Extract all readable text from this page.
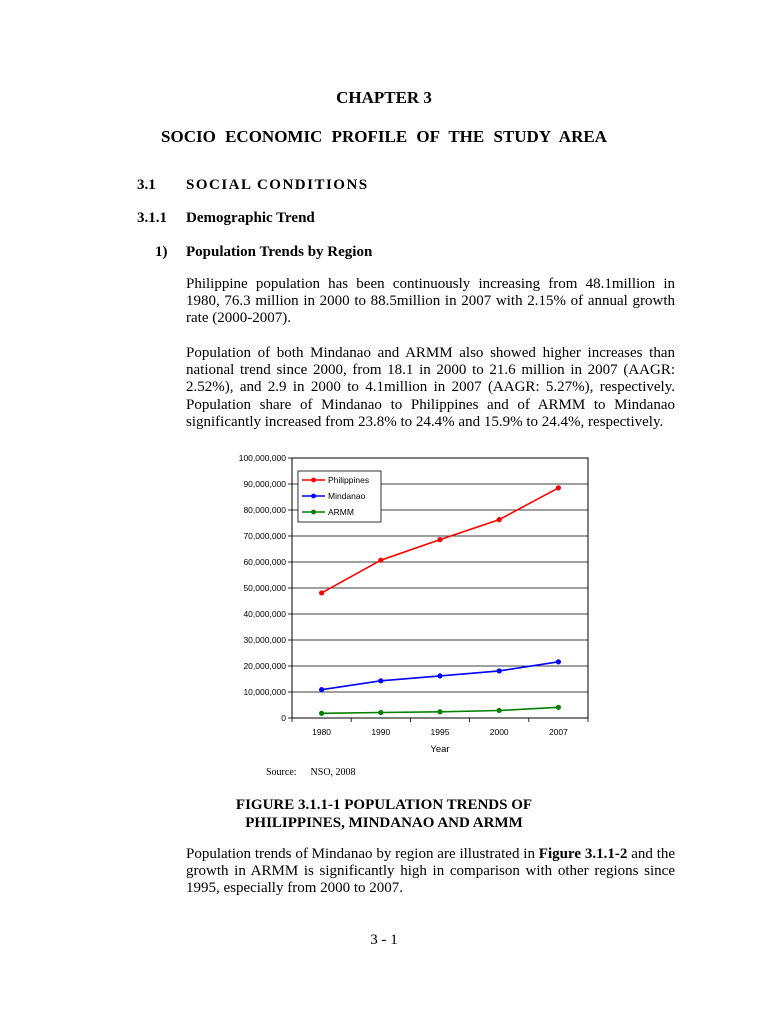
CHAPTER 3
SOCIO ECONOMIC PROFILE OF THE STUDY AREA
3.1 SOCIAL CONDITIONS
3.1.1 Demographic Trend
1) Population Trends by Region

Philippine population has been continuously increasing from 48.1million in 1980, 76.3 million in 2000 to 88.5million in 2007 with 2.15% of annual growth rate (2000-2007).

Population of both Mindanao and ARMM also showed higher increases than national trend since 2000, from 18.1 in 2000 to 21.6 million in 2007 (AAGR: 2.52%), and 2.9 in 2000 to 4.1million in 2007 (AAGR: 5.27%), respectively. Population share of Mindanao to Philippines and of ARMM to Mindanao significantly increased from 23.8% to 24.4% and 15.9% to 24.4%, respectively.

0
10,000,000
20,000,000
30,000,000
40,000,000
50,000,000
60,000,000
70,000,000
80,000,000
90,000,000
100,000,000
1980	1990	1995	2000	2007
Year
Philippines
Mindanao
ARMM
Source: NSO, 2008
FIGURE 3.1.1-1 POPULATION TRENDS OF
PHILIPPINES, MINDANAO AND ARMM

Population trends of Mindanao by region are illustrated in Figure 3.1.1-2 and the growth in ARMM is significantly high in comparison with other regions since 1995, especially from 2000 to 2007.

3 - 1
